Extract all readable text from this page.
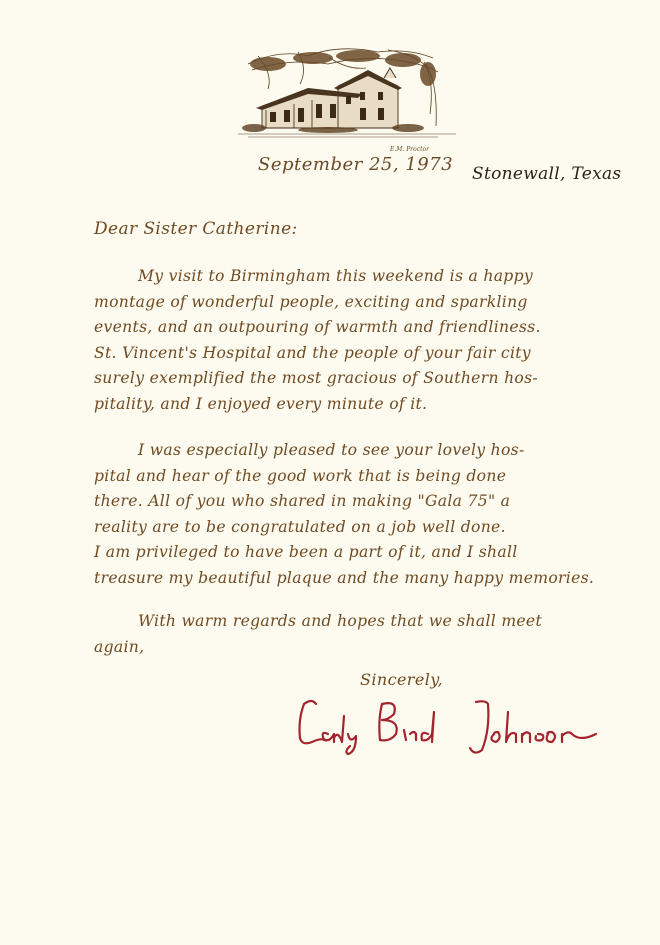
E.M. Proctor
September 25, 1973 Stonewall, Texas
Dear Sister Catherine:
My visit to Birmingham this weekend is a happy
montage of wonderful people, exciting and sparkling
events, and an outpouring of warmth and friendliness.
St. Vincent's Hospital and the people of your fair city
surely exemplified the most gracious of Southern hos-
pitality, and I enjoyed every minute of it.
I was especially pleased to see your lovely hos-
pital and hear of the good work that is being done
there. All of you who shared in making "Gala 75" a
reality are to be congratulated on a job well done.
I am privileged to have been a part of it, and I shall
treasure my beautiful plaque and the many happy memories.
With warm regards and hopes that we shall meet
again,
Sincerely,
